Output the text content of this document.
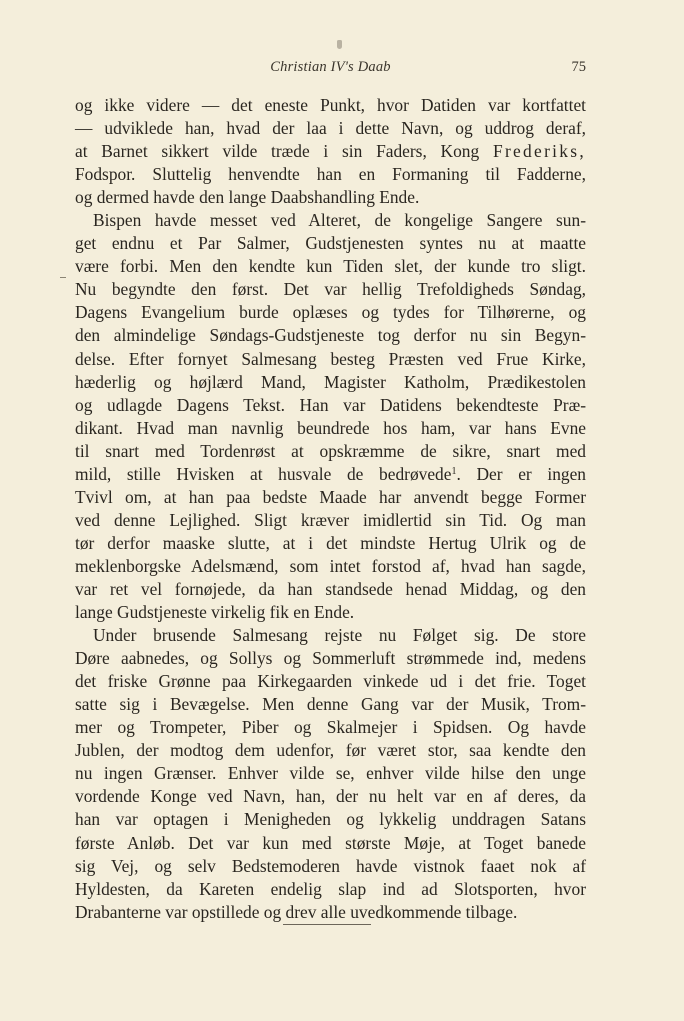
Christian IV's Daab	75
og ikke videre — det eneste Punkt, hvor Datiden var kortfattet
— udviklede han, hvad der laa i dette Navn, og uddrog deraf,
at Barnet sikkert vilde træde i sin Faders, Kong Frederiks,
Fodspor. Sluttelig henvendte han en Formaning til Fadderne,
og dermed havde den lange Daabshandling Ende.
Bispen havde messet ved Alteret, de kongelige Sangere sun-
get endnu et Par Salmer, Gudstjenesten syntes nu at maatte
være forbi. Men den kendte kun Tiden slet, der kunde tro sligt.
Nu begyndte den først. Det var hellig Trefoldigheds Søndag,
Dagens Evangelium burde oplæses og tydes for Tilhørerne, og
den almindelige Søndags-Gudstjeneste tog derfor nu sin Begyn-
delse. Efter fornyet Salmesang besteg Præsten ved Frue Kirke,
hæderlig og højlærd Mand, Magister Katholm, Prædikestolen
og udlagde Dagens Tekst. Han var Datidens bekendteste Præ-
dikant. Hvad man navnlig beundrede hos ham, var hans Evne
til snart med Tordenrøst at opskræmme de sikre, snart med
mild, stille Hvisken at husvale de bedrøvede$^1$. Der er ingen
Tvivl om, at han paa bedste Maade har anvendt begge Former
ved denne Lejlighed. Sligt kræver imidlertid sin Tid. Og man
tør derfor maaske slutte, at i det mindste Hertug Ulrik og de
meklenborgske Adelsmænd, som intet forstod af, hvad han sagde,
var ret vel fornøjede, da han standsede henad Middag, og den
lange Gudstjeneste virkelig fik en Ende.
Under brusende Salmesang rejste nu Følget sig. De store
Døre aabnedes, og Sollys og Sommerluft strømmede ind, medens
det friske Grønne paa Kirkegaarden vinkede ud i det frie. Toget
satte sig i Bevægelse. Men denne Gang var der Musik, Trom-
mer og Trompeter, Piber og Skalmejer i Spidsen. Og havde
Jublen, der modtog dem udenfor, før været stor, saa kendte den
nu ingen Grænser. Enhver vilde se, enhver vilde hilse den unge
vordende Konge ved Navn, han, der nu helt var en af deres, da
han var optagen i Menigheden og lykkelig unddragen Satans
første Anløb. Det var kun med største Møje, at Toget banede
sig Vej, og selv Bedstemoderen havde vistnok faaet nok af
Hyldesten, da Kareten endelig slap ind ad Slotsporten, hvor
Drabanterne var opstillede og drev alle uvedkommende tilbage.
